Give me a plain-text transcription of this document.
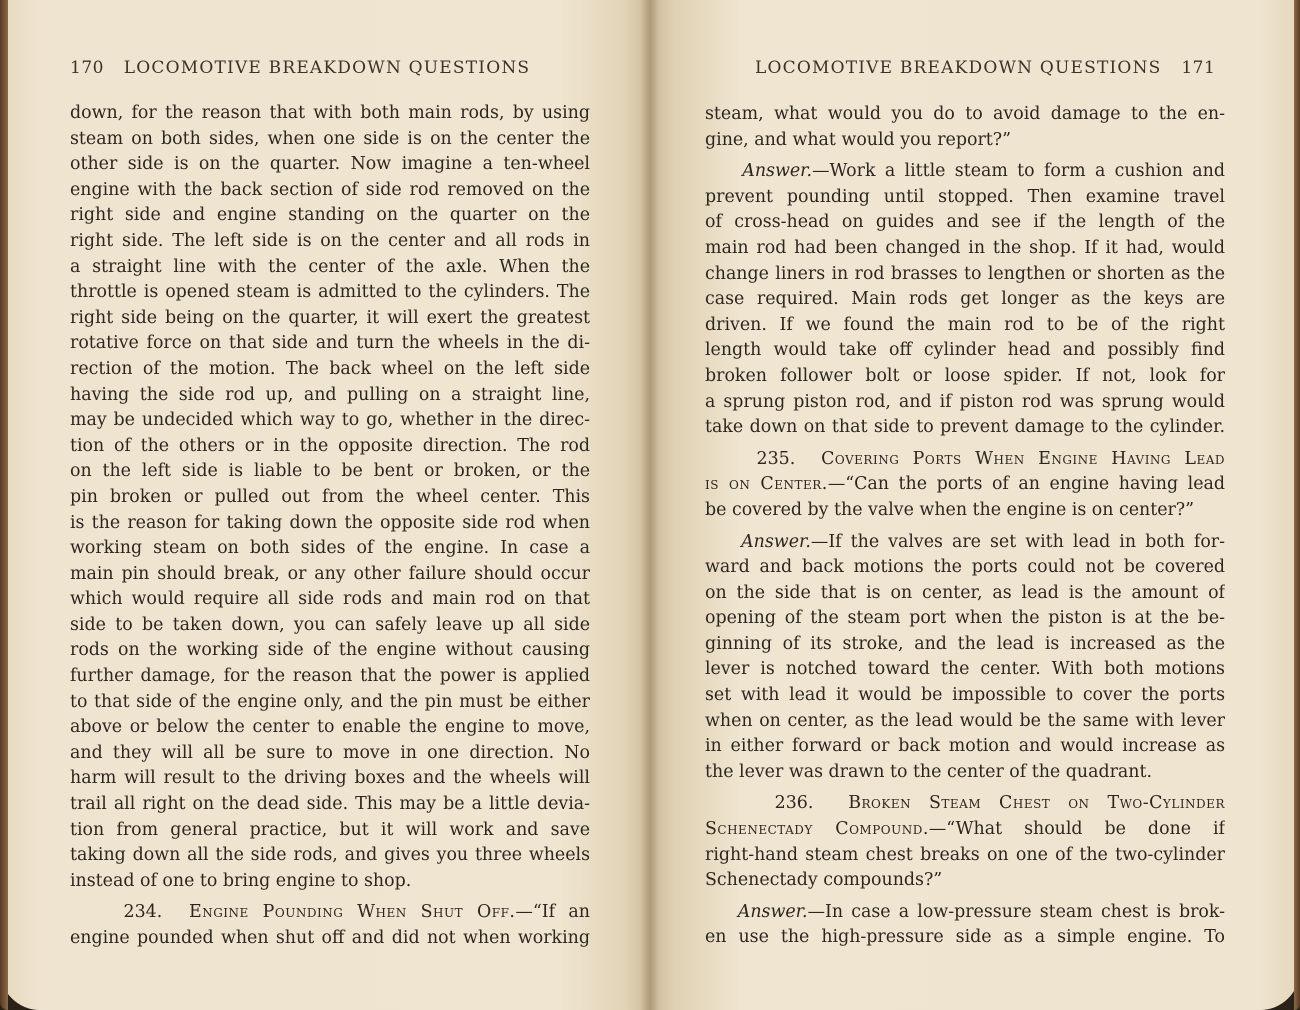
170 LOCOMOTIVE BREAKDOWN QUESTIONS
down, for the reason that with both main rods, by using
steam on both sides, when one side is on the center the
other side is on the quarter. Now imagine a ten-wheel
engine with the back section of side rod removed on the
right side and engine standing on the quarter on the
right side. The left side is on the center and all rods in
a straight line with the center of the axle. When the
throttle is opened steam is admitted to the cylinders. The
right side being on the quarter, it will exert the greatest
rotative force on that side and turn the wheels in the di-
rection of the motion. The back wheel on the left side
having the side rod up, and pulling on a straight line,
may be undecided which way to go, whether in the direc-
tion of the others or in the opposite direction. The rod
on the left side is liable to be bent or broken, or the
pin broken or pulled out from the wheel center. This
is the reason for taking down the opposite side rod when
working steam on both sides of the engine. In case a
main pin should break, or any other failure should occur
which would require all side rods and main rod on that
side to be taken down, you can safely leave up all side
rods on the working side of the engine without causing
further damage, for the reason that the power is applied
to that side of the engine only, and the pin must be either
above or below the center to enable the engine to move,
and they will all be sure to move in one direction. No
harm will result to the driving boxes and the wheels will
trail all right on the dead side. This may be a little devia-
tion from general practice, but it will work and save
taking down all the side rods, and gives you three wheels
instead of one to bring engine to shop.
234. Engine Pounding When Shut Off.—“If an
engine pounded when shut off and did not when working
LOCOMOTIVE BREAKDOWN QUESTIONS 171
steam, what would you do to avoid damage to the en-
gine, and what would you report?”
Answer.—Work a little steam to form a cushion and
prevent pounding until stopped. Then examine travel
of cross-head on guides and see if the length of the
main rod had been changed in the shop. If it had, would
change liners in rod brasses to lengthen or shorten as the
case required. Main rods get longer as the keys are
driven. If we found the main rod to be of the right
length would take off cylinder head and possibly find
broken follower bolt or loose spider. If not, look for
a sprung piston rod, and if piston rod was sprung would
take down on that side to prevent damage to the cylinder.
235. Covering Ports When Engine Having Lead
is on Center.—“Can the ports of an engine having lead
be covered by the valve when the engine is on center?”
Answer.—If the valves are set with lead in both for-
ward and back motions the ports could not be covered
on the side that is on center, as lead is the amount of
opening of the steam port when the piston is at the be-
ginning of its stroke, and the lead is increased as the
lever is notched toward the center. With both motions
set with lead it would be impossible to cover the ports
when on center, as the lead would be the same with lever
in either forward or back motion and would increase as
the lever was drawn to the center of the quadrant.
236. Broken Steam Chest on Two-Cylinder
Schenectady Compound.—“What should be done if
right-hand steam chest breaks on one of the two-cylinder
Schenectady compounds?”
Answer.—In case a low-pressure steam chest is brok-
en use the high-pressure side as a simple engine. To
